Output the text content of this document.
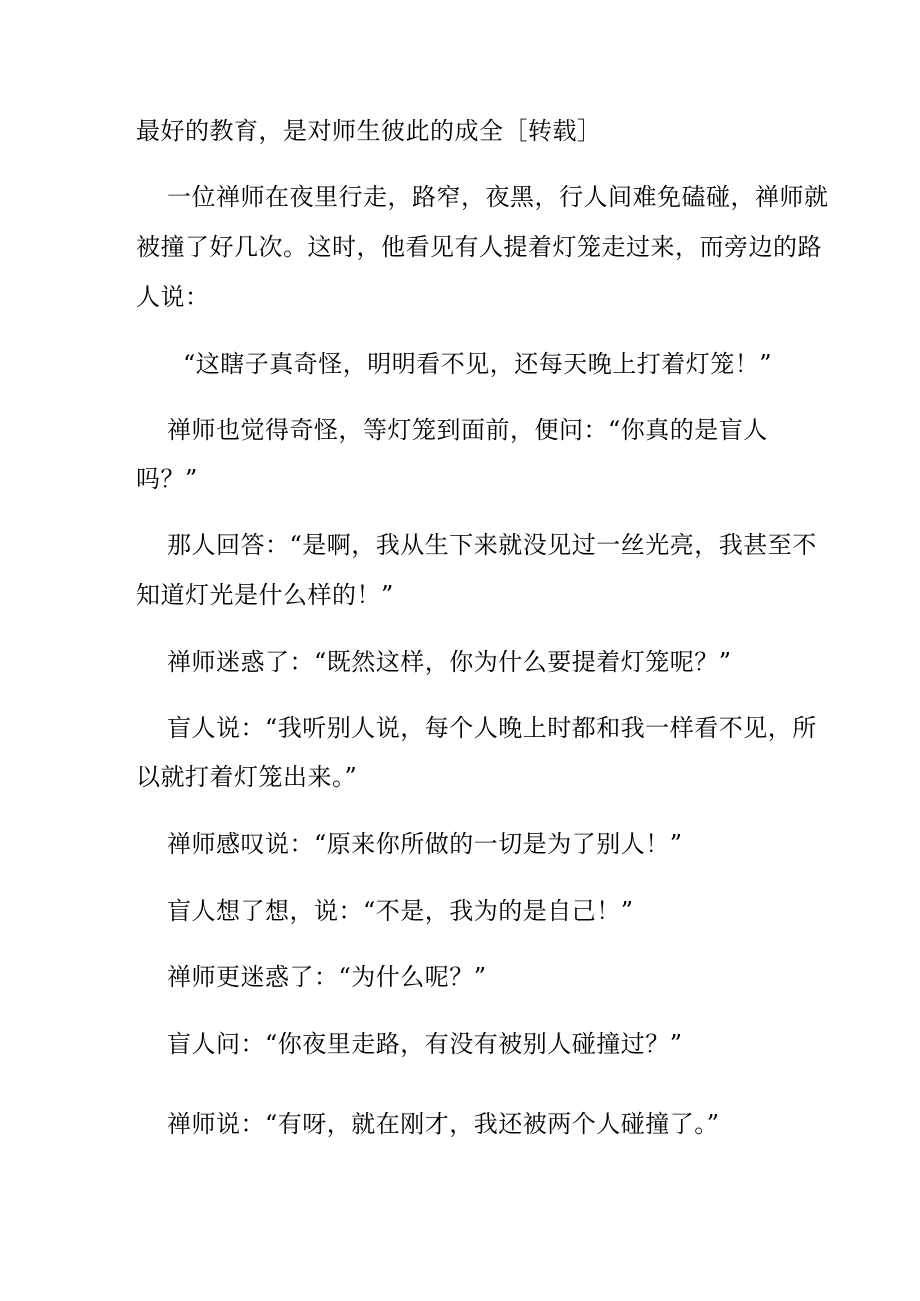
最好的教育，是对师生彼此的成全［转载］
一位禅师在夜里行走，路窄，夜黑，行人间难免磕碰，禅师就
被撞了好几次。这时，他看见有人提着灯笼走过来，而旁边的路
人说：
“这瞎子真奇怪，明明看不见，还每天晚上打着灯笼！”
禅师也觉得奇怪，等灯笼到面前，便问：“你真的是盲人
吗？”
那人回答：“是啊，我从生下来就没见过一丝光亮，我甚至不
知道灯光是什么样的！”
禅师迷惑了：“既然这样，你为什么要提着灯笼呢？”
盲人说：“我听别人说，每个人晚上时都和我一样看不见，所
以就打着灯笼出来。”
禅师感叹说：“原来你所做的一切是为了别人！”
盲人想了想，说：“不是，我为的是自己！”
禅师更迷惑了：“为什么呢？”
盲人问：“你夜里走路，有没有被别人碰撞过？”
禅师说：“有呀，就在刚才，我还被两个人碰撞了。”
